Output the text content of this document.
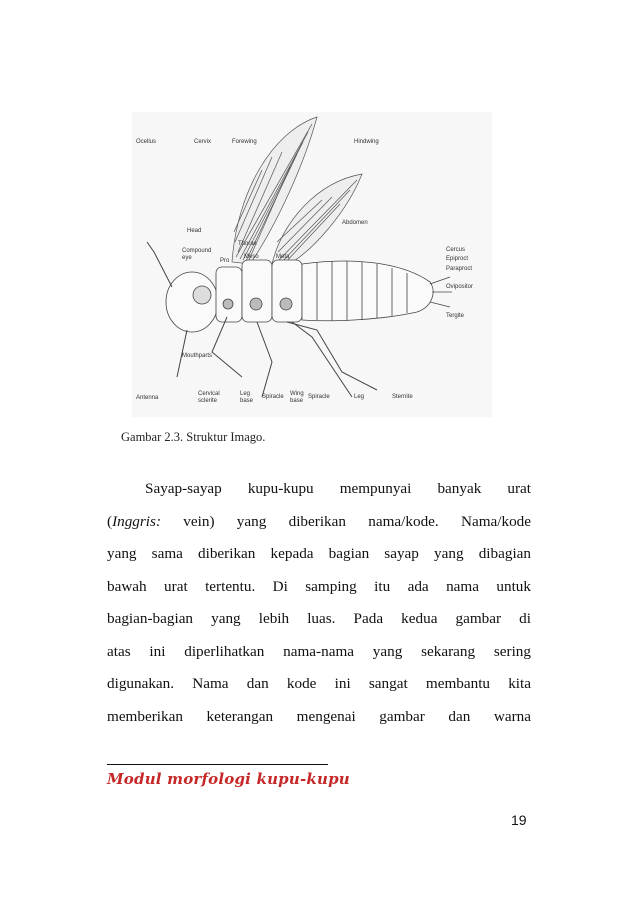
Ocellus	Cervix	Forewing	Hindwing
Head
Compound eye
Thorax
Pro
Meso	Meta
Abdomen
Cercus
Epiproct
Paraproct
Ovipositor
Tergite
Mouthparts
Antenna
Cervical sclerite
Leg base
Spiracle Wing base
Spiracle	Leg	Sternite
Gambar 2.3. Struktur Imago.
Sayap-sayap kupu-kupu mempunyai banyak urat
(Inggris: vein) yang diberikan nama/kode. Nama/kode
yang sama diberikan kepada bagian sayap yang dibagian
bawah urat tertentu. Di samping itu ada nama untuk
bagian-bagian yang lebih luas. Pada kedua gambar di
atas ini diperlihatkan nama-nama yang sekarang sering
digunakan. Nama dan kode ini sangat membantu kita
memberikan keterangan mengenai gambar dan warna
Modul morfologi kupu-kupu
19
